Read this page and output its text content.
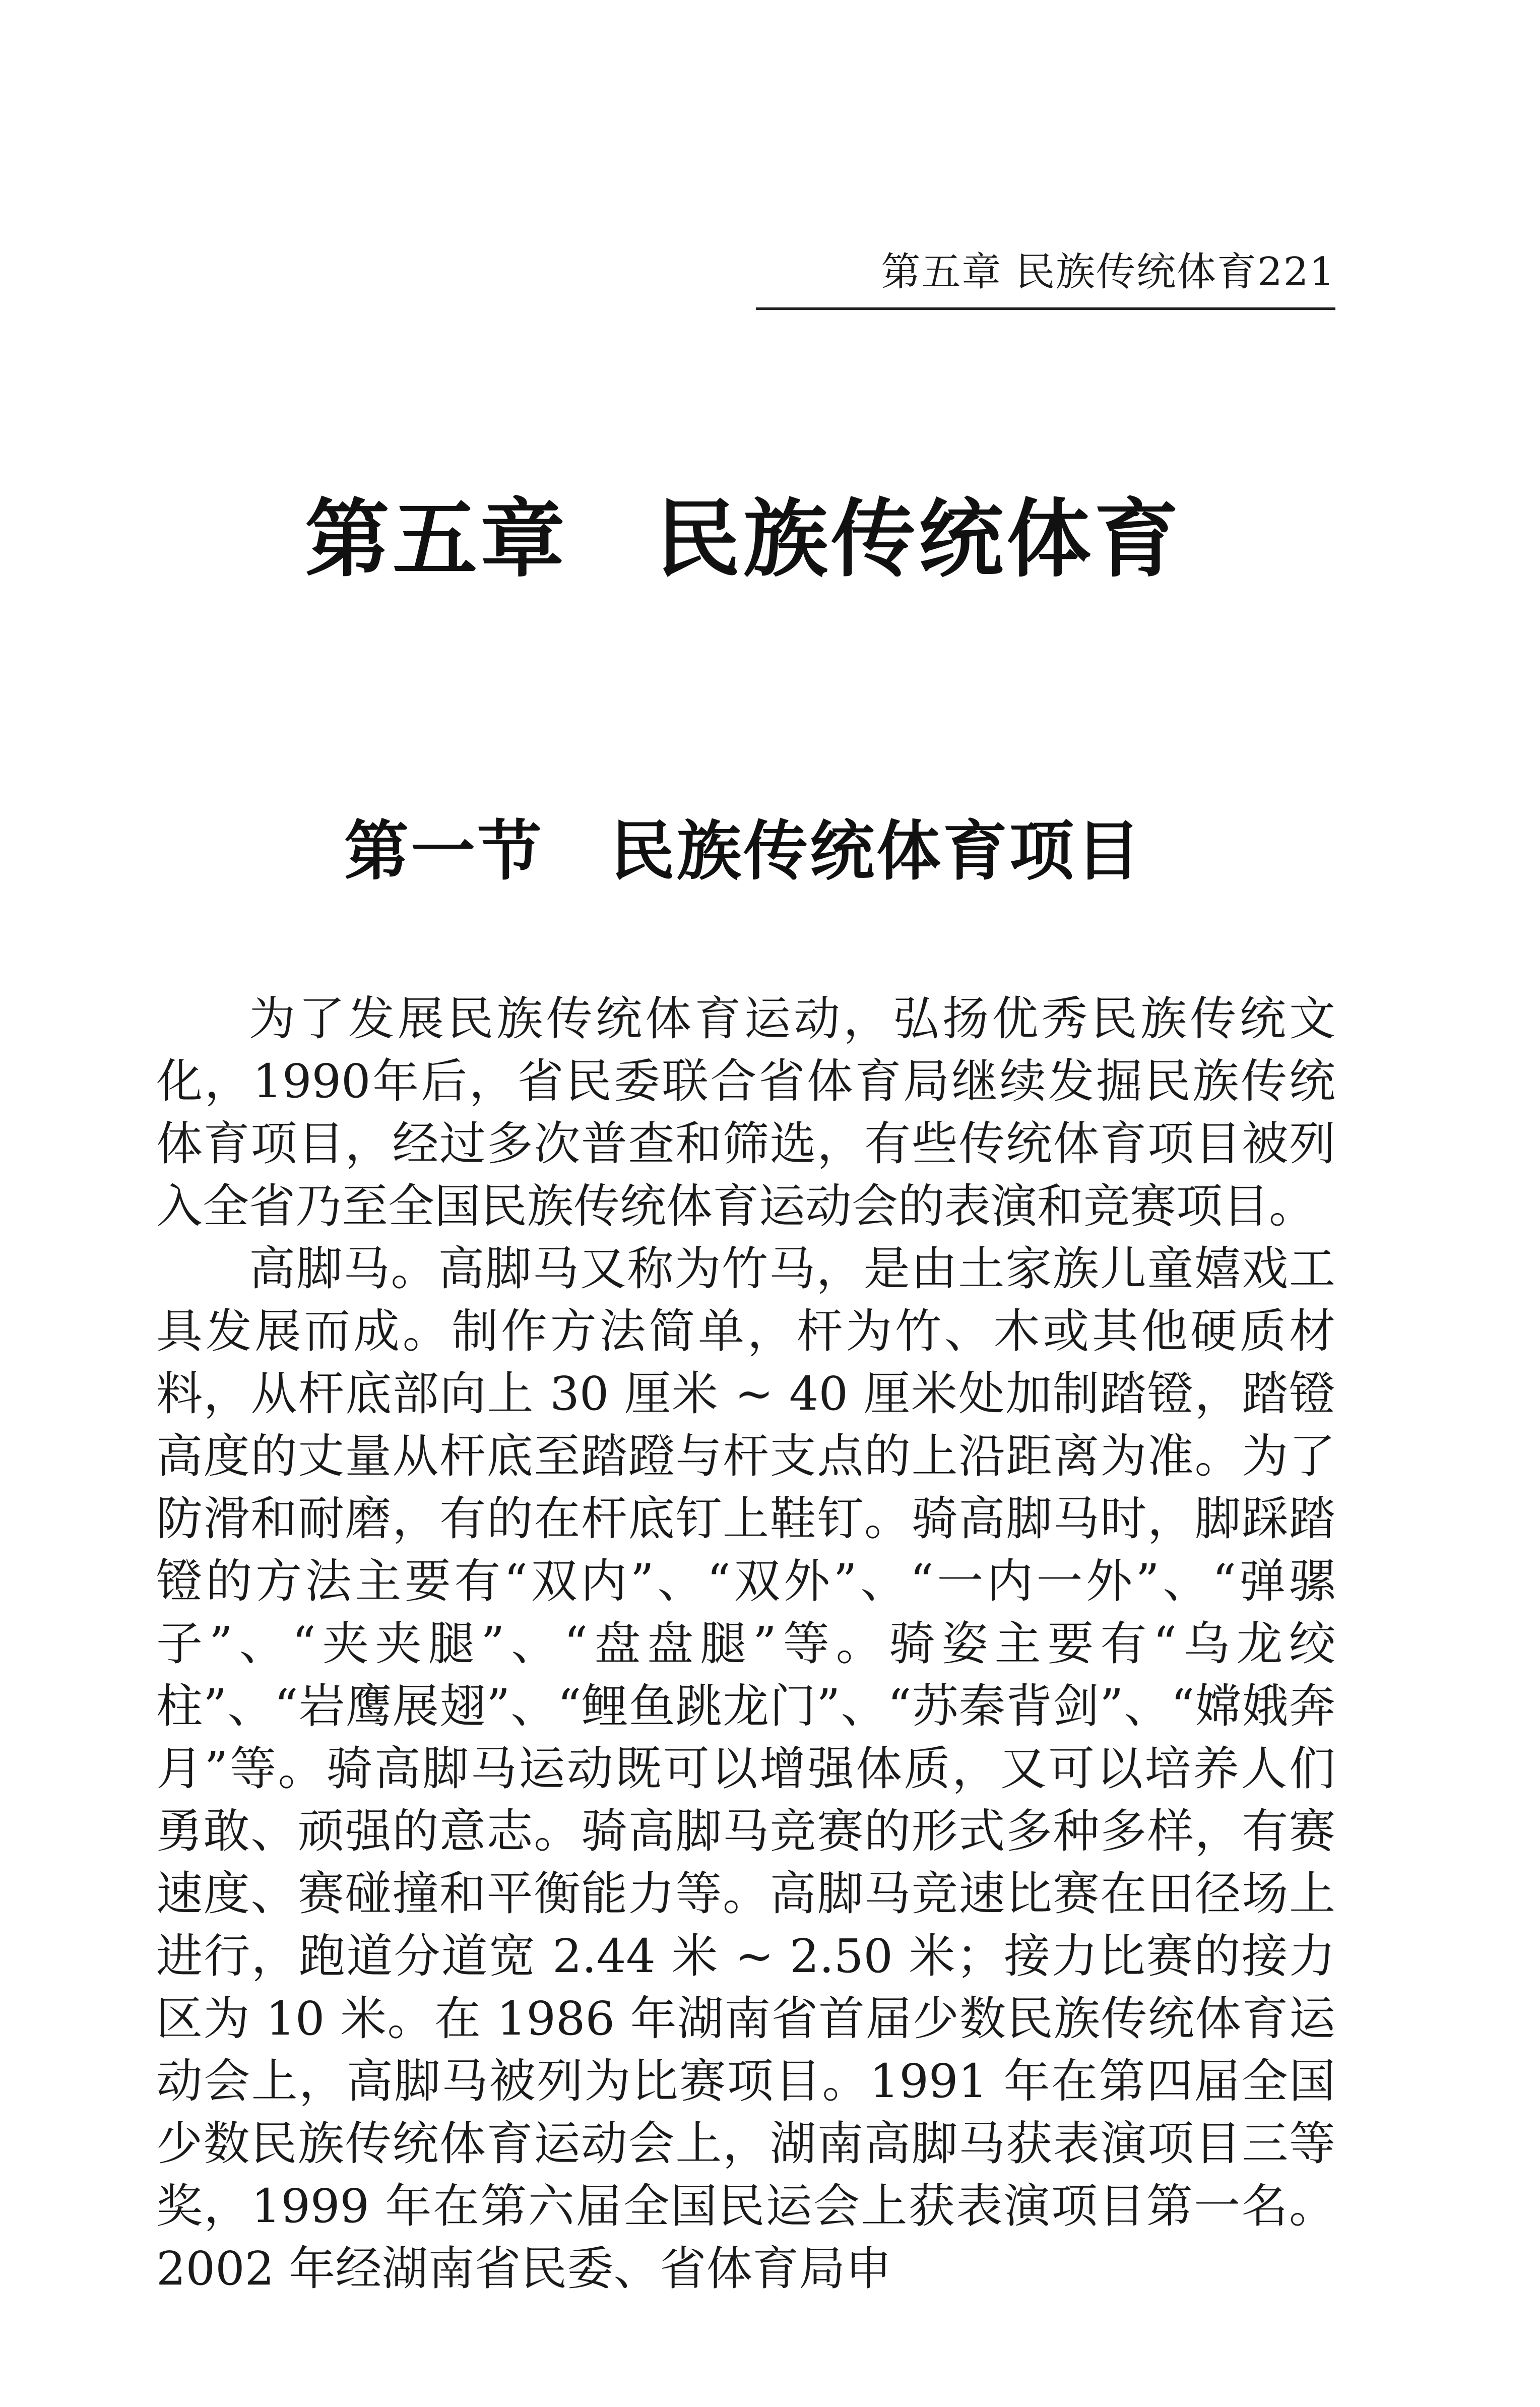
第五章 民族传统体育221
第五章　民族传统体育
第一节　民族传统体育项目

为了发展民族传统体育运动，弘扬优秀民族传统文化，1990年后，省民委联合省体育局继续发掘民族传统体育项目，经过多次普查和筛选，有些传统体育项目被列入全省乃至全国民族传统体育运动会的表演和竞赛项目。

高脚马。高脚马又称为竹马，是由土家族儿童嬉戏工具发展而成。制作方法简单，杆为竹、木或其他硬质材料，从杆底部向上 30 厘米 ~ 40 厘米处加制踏镫，踏镫高度的丈量从杆底至踏蹬与杆支点的上沿距离为准。为了防滑和耐磨，有的在杆底钉上鞋钉。骑高脚马时，脚踩踏镫的方法主要有“双内”、“双外”、“一内一外”、“弹骡子”、“夹夹腿”、“盘盘腿”等。骑姿主要有“乌龙绞柱”、“岩鹰展翅”、“鲤鱼跳龙门”、“苏秦背剑”、“嫦娥奔月”等。骑高脚马运动既可以增强体质，又可以培养人们勇敢、顽强的意志。骑高脚马竞赛的形式多种多样，有赛速度、赛碰撞和平衡能力等。高脚马竞速比赛在田径场上进行，跑道分道宽 2.44 米 ~ 2.50 米；接力比赛的接力区为 10 米。在 1986 年湖南省首届少数民族传统体育运动会上，高脚马被列为比赛项目。1991 年在第四届全国少数民族传统体育运动会上，湖南高脚马获表演项目三等奖，1999 年在第六届全国民运会上获表演项目第一名。2002 年经湖南省民委、省体育局申
